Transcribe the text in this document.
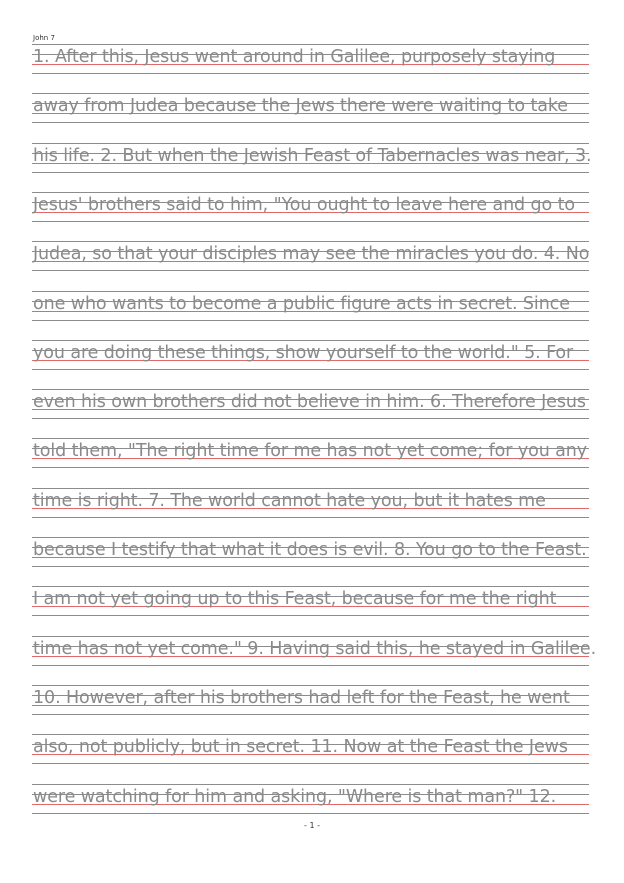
John 7
1. After this, Jesus went around in Galilee, purposely staying
away from Judea because the Jews there were waiting to take
his life. 2. But when the Jewish Feast of Tabernacles was near, 3.
Jesus' brothers said to him, "You ought to leave here and go to
Judea, so that your disciples may see the miracles you do. 4. No
one who wants to become a public figure acts in secret. Since
you are doing these things, show yourself to the world." 5. For
even his own brothers did not believe in him. 6. Therefore Jesus
told them, "The right time for me has not yet come; for you any
time is right. 7. The world cannot hate you, but it hates me
because I testify that what it does is evil. 8. You go to the Feast.
I am not yet going up to this Feast, because for me the right
time has not yet come." 9. Having said this, he stayed in Galilee.
10. However, after his brothers had left for the Feast, he went
also, not publicly, but in secret. 11. Now at the Feast the Jews
were watching for him and asking, "Where is that man?" 12.
- 1 -
